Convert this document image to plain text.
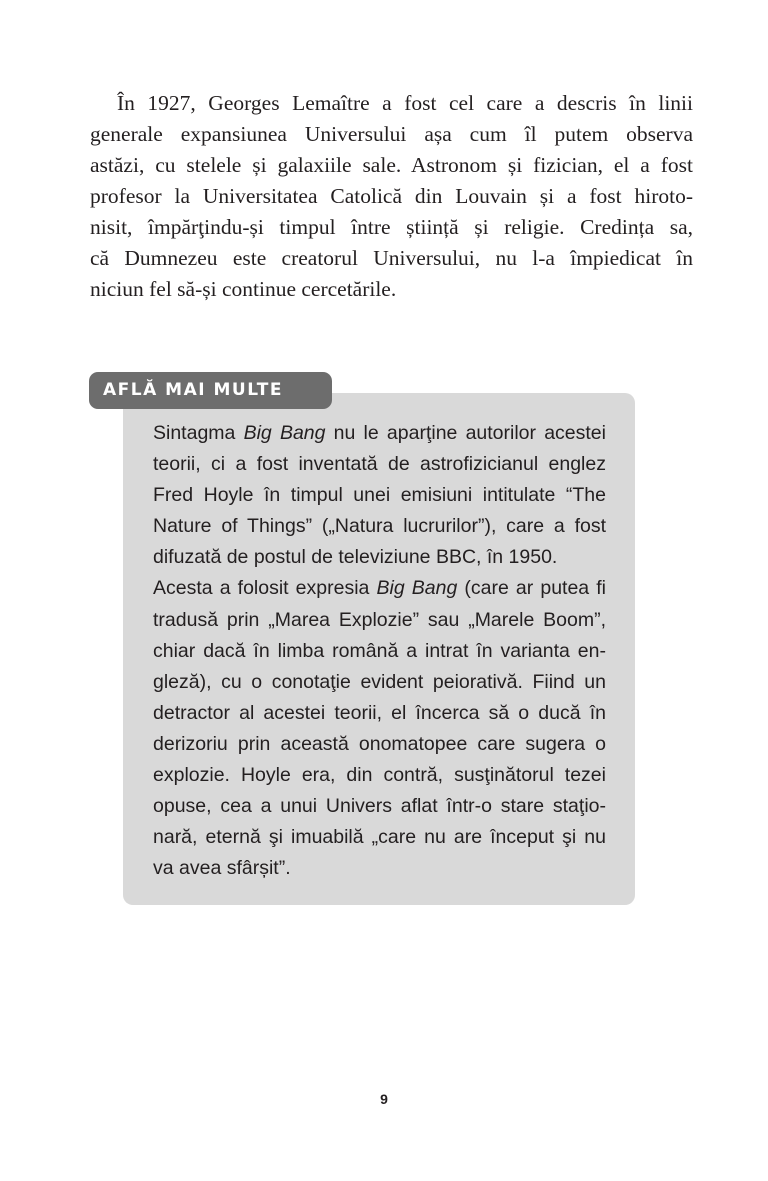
În 1927, Georges Lemaître a fost cel care a descris în linii
generale expansiunea Universului așa cum îl putem observa
astăzi, cu stelele și galaxiile sale. Astronom și fizician, el a fost
profesor la Universitatea Catolică din Louvain și a fost hiroto-
nisit, împărţindu-și timpul între știință și religie. Credința sa,
că Dumnezeu este creatorul Universului, nu l-a împiedicat în
niciun fel să-și continue cercetările.
AFLĂ MAI MULTE
Sintagma Big Bang nu le aparţine autorilor acestei
teorii, ci a fost inventată de astrofizicianul englez
Fred Hoyle în timpul unei emisiuni intitulate “The
Nature of Things” („Natura lucrurilor”), care a fost
difuzată de postul de televiziune BBC, în 1950.
Acesta a folosit expresia Big Bang (care ar putea fi
tradusă prin „Marea Explozie” sau „Marele Boom”,
chiar dacă în limba română a intrat în varianta en-
gleză), cu o conotaţie evident peiorativă. Fiind un
detractor al acestei teorii, el încerca să o ducă în
derizoriu prin această onomatopee care sugera o
explozie. Hoyle era, din contră, susţinătorul tezei
opuse, cea a unui Univers aflat într-o stare staţio-
nară, eternă şi imuabilă „care nu are început şi nu
va avea sfârșit”.
9
